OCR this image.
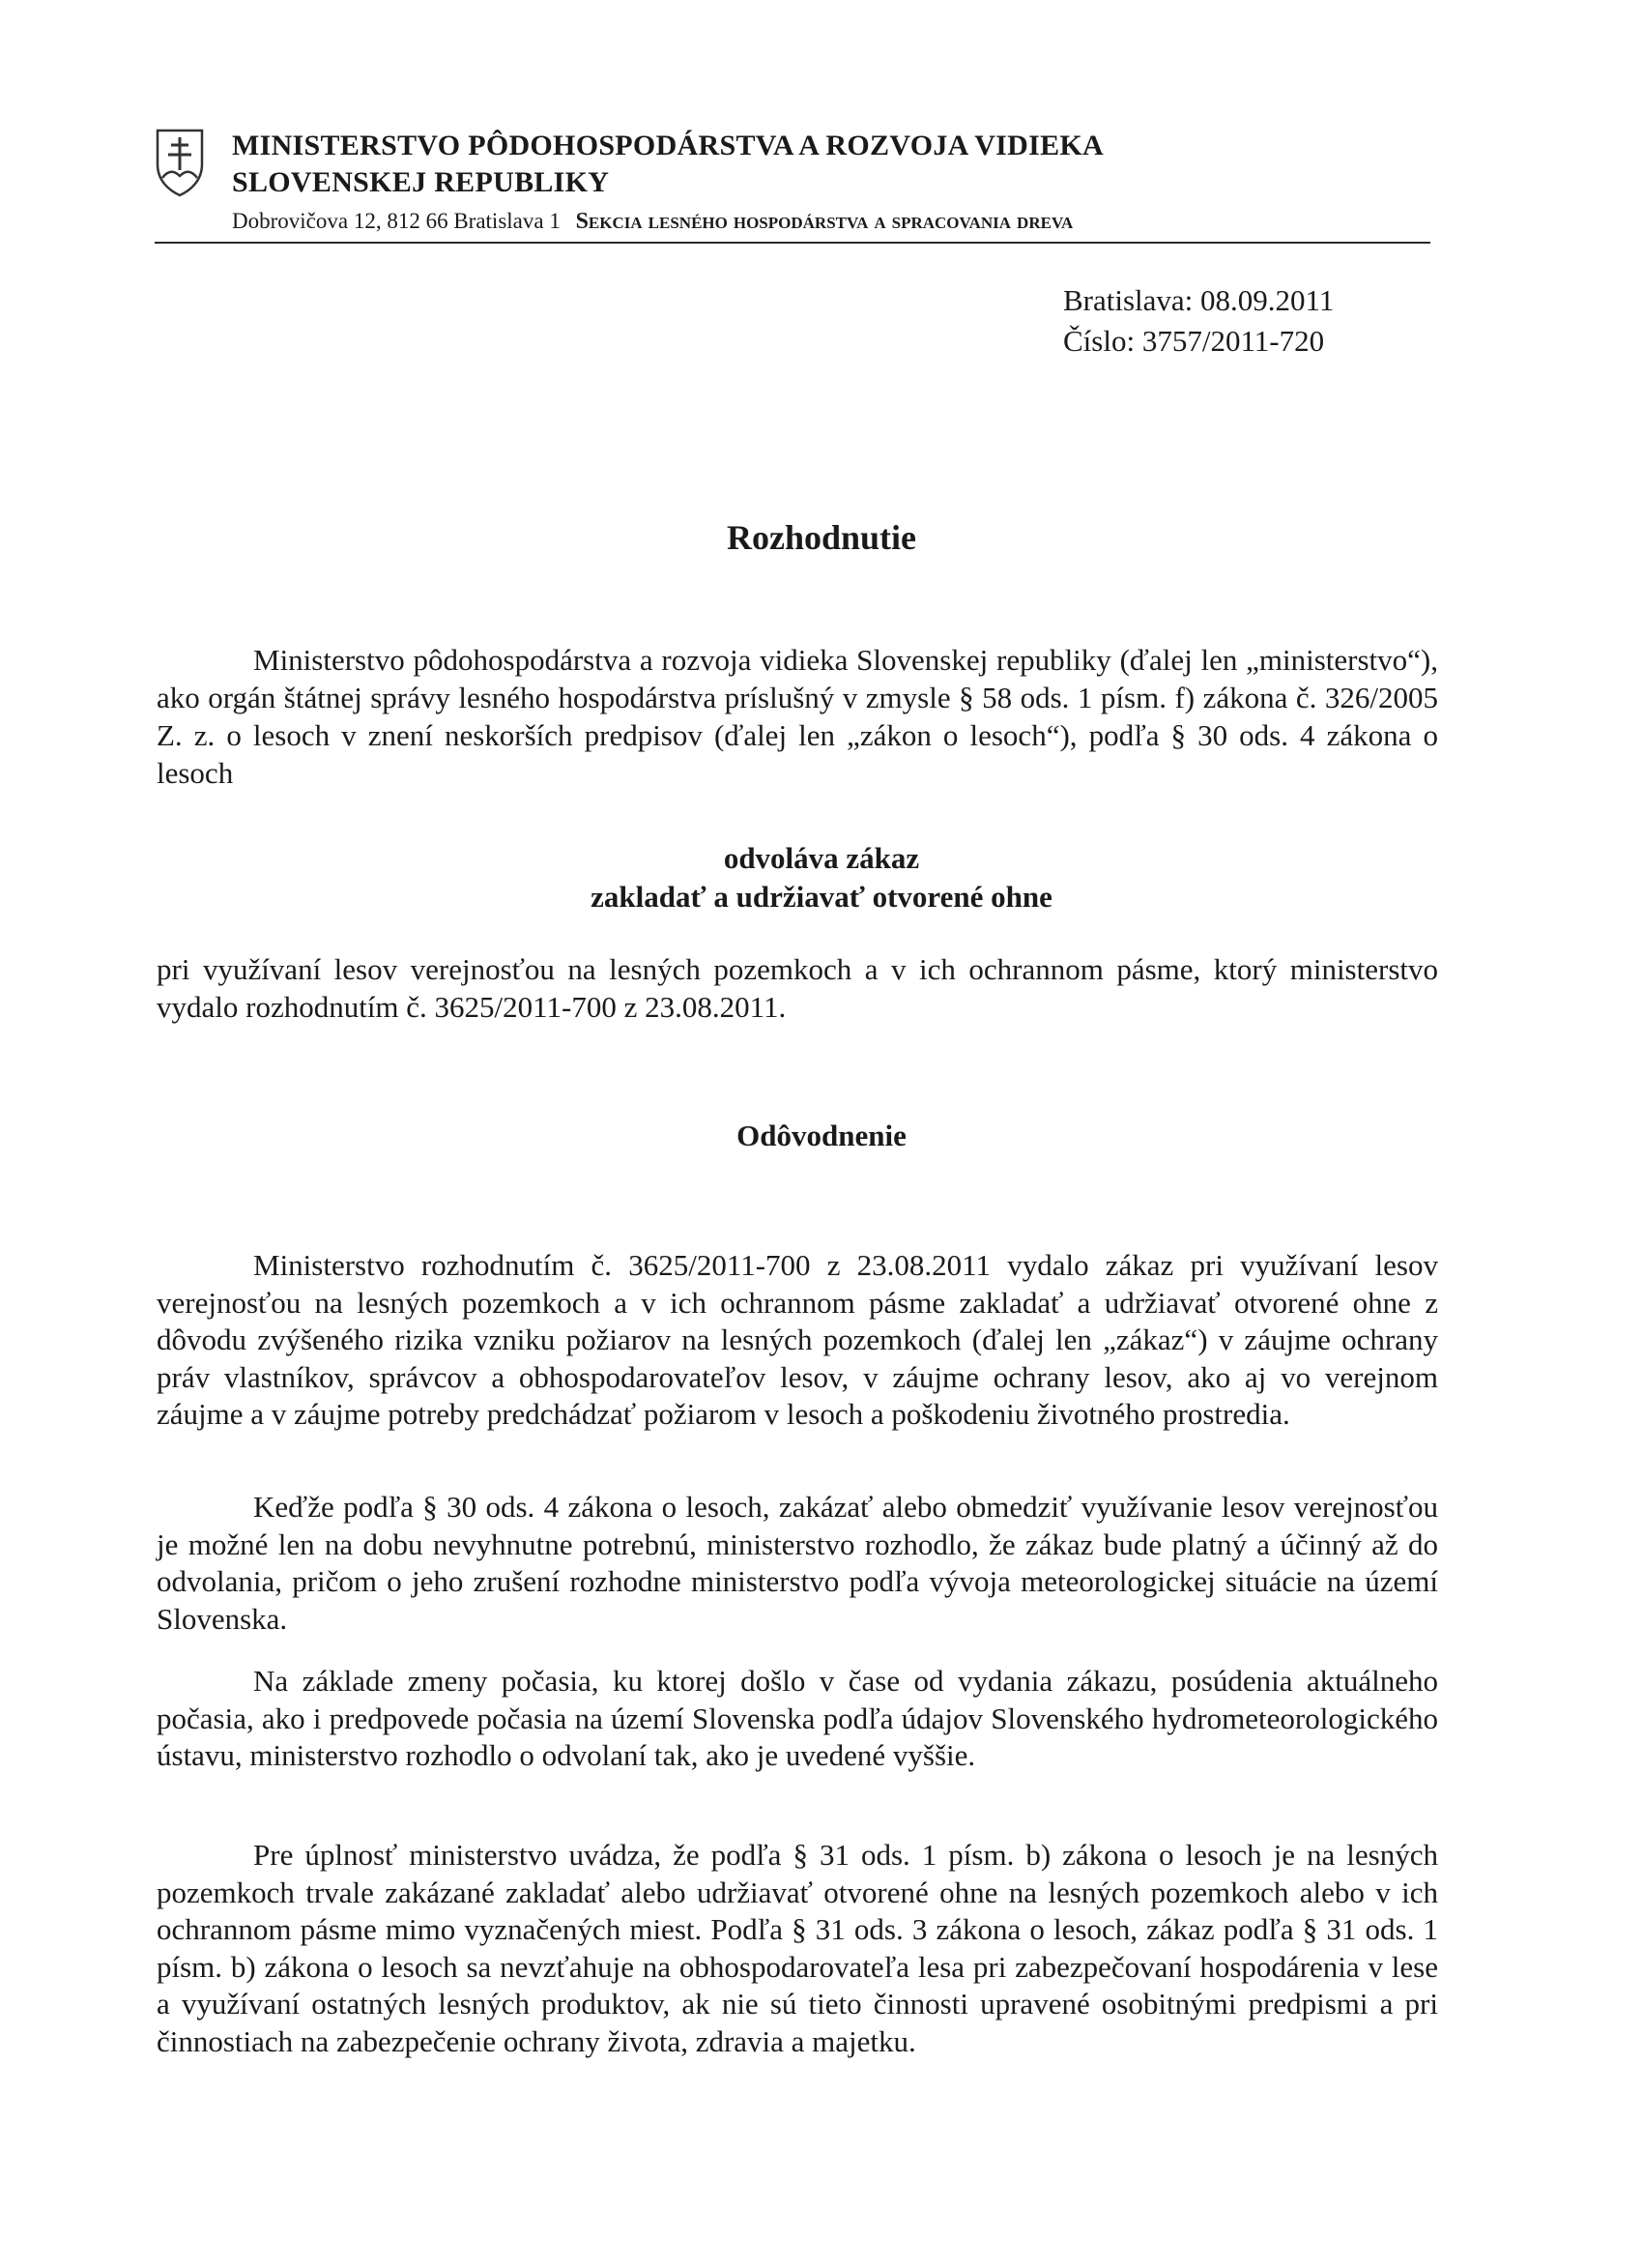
MINISTERSTVO PÔDOHOSPODÁRSTVA A ROZVOJA VIDIEKA
SLOVENSKEJ REPUBLIKY
Dobrovičova 12, 812 66 Bratislava 1 Sekcia lesného hospodárstva a spracovania dreva
Bratislava: 08.09.2011
Číslo: 3757/2011-720
Rozhodnutie

Ministerstvo pôdohospodárstva a rozvoja vidieka Slovenskej republiky (ďalej len „ministerstvo“), ako orgán štátnej správy lesného hospodárstva príslušný v zmysle § 58 ods. 1 písm. f) zákona č. 326/2005 Z. z. o lesoch v znení neskorších predpisov (ďalej len „zákon o lesoch“), podľa § 30 ods. 4 zákona o lesoch

odvoláva zákaz
zakladať a udržiavať otvorené ohne

pri využívaní lesov verejnosťou na lesných pozemkoch a v ich ochrannom pásme, ktorý ministerstvo vydalo rozhodnutím č. 3625/2011-700 z 23.08.2011.

Odôvodnenie

Ministerstvo rozhodnutím č. 3625/2011-700 z 23.08.2011 vydalo zákaz pri využívaní lesov verejnosťou na lesných pozemkoch a v ich ochrannom pásme zakladať a udržiavať otvorené ohne z dôvodu zvýšeného rizika vzniku požiarov na lesných pozemkoch (ďalej len „zákaz“) v záujme ochrany práv vlastníkov, správcov a obhospodarovateľov lesov, v záujme ochrany lesov, ako aj vo verejnom záujme a v záujme potreby predchádzať požiarom v lesoch a poškodeniu životného prostredia.

Keďže podľa § 30 ods. 4 zákona o lesoch, zakázať alebo obmedziť využívanie lesov verejnosťou je možné len na dobu nevyhnutne potrebnú, ministerstvo rozhodlo, že zákaz bude platný a účinný až do odvolania, pričom o jeho zrušení rozhodne ministerstvo podľa vývoja meteorologickej situácie na území Slovenska.

Na základe zmeny počasia, ku ktorej došlo v čase od vydania zákazu, posúdenia aktuálneho počasia, ako i predpovede počasia na území Slovenska podľa údajov Slovenského hydrometeorologického ústavu, ministerstvo rozhodlo o odvolaní tak, ako je uvedené vyššie.

Pre úplnosť ministerstvo uvádza, že podľa § 31 ods. 1 písm. b) zákona o lesoch je na lesných pozemkoch trvale zakázané zakladať alebo udržiavať otvorené ohne na lesných pozemkoch alebo v ich ochrannom pásme mimo vyznačených miest. Podľa § 31 ods. 3 zákona o lesoch, zákaz podľa § 31 ods. 1 písm. b) zákona o lesoch sa nevzťahuje na obhospodarovateľa lesa pri zabezpečovaní hospodárenia v lese a využívaní ostatných lesných produktov, ak nie sú tieto činnosti upravené osobitnými predpismi a pri činnostiach na zabezpečenie ochrany života, zdravia a majetku.
